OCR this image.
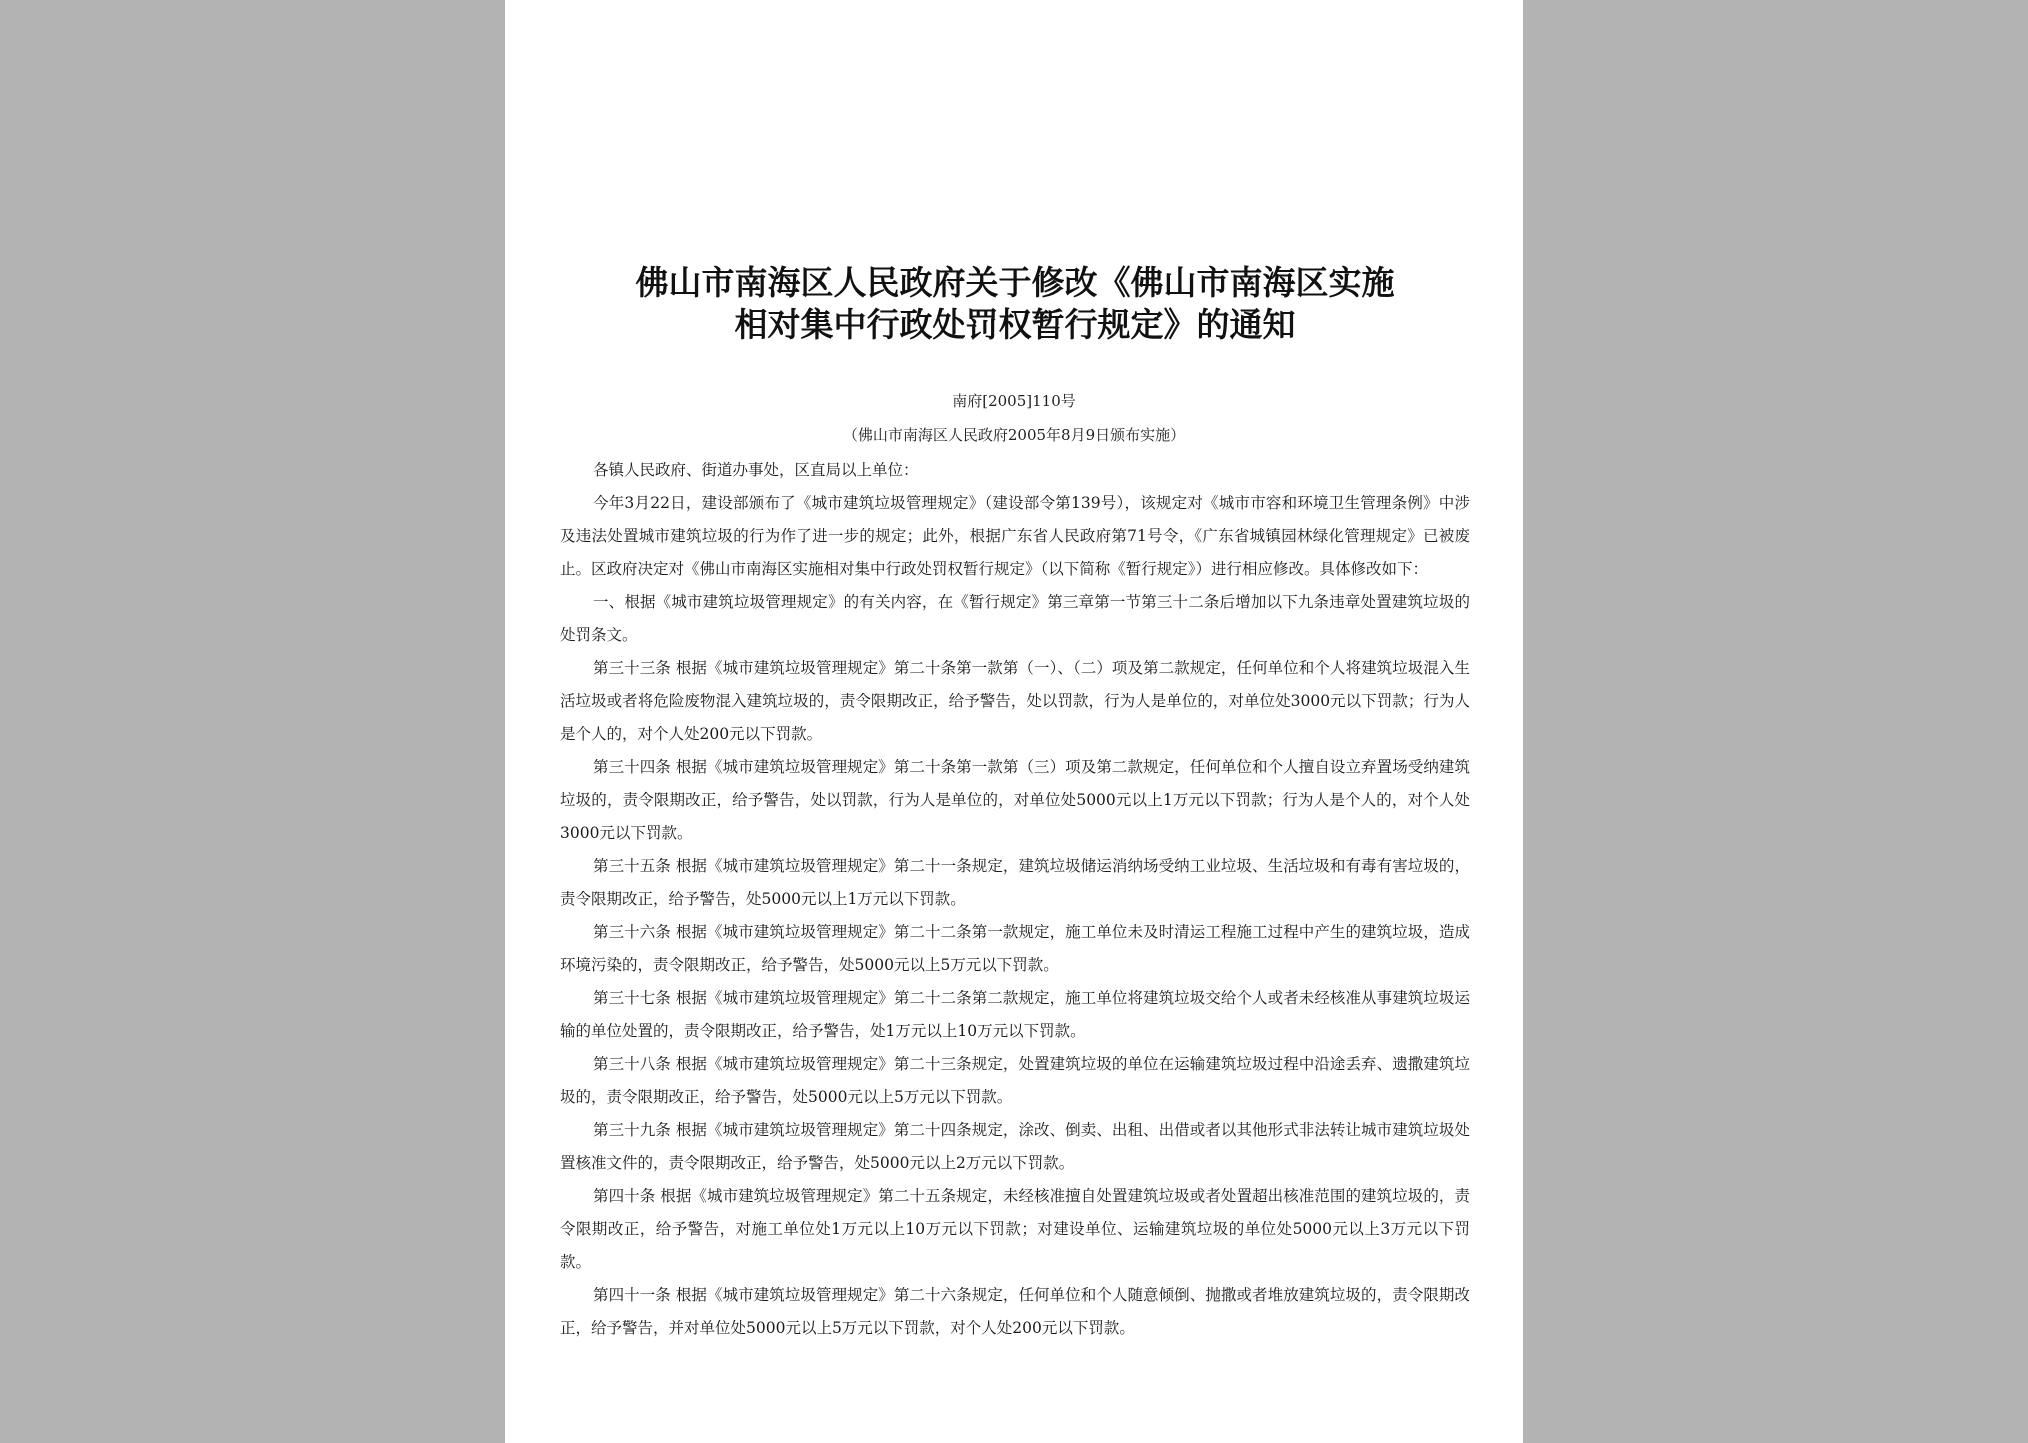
佛山市南海区人民政府关于修改《佛山市南海区实施
相对集中行政处罚权暂行规定》的通知

南府[2005]110号

（佛山市南海区人民政府2005年8月9日颁布实施）

各镇人民政府、街道办事处，区直局以上单位：

今年3月22日，建设部颁布了《城市建筑垃圾管理规定》（建设部令第139号），该规定对《城市市容和环境卫生管理条例》中涉及违法处置城市建筑垃圾的行为作了进一步的规定；此外，根据广东省人民政府第71号令，《广东省城镇园林绿化管理规定》已被废止。区政府决定对《佛山市南海区实施相对集中行政处罚权暂行规定》（以下简称《暂行规定》）进行相应修改。具体修改如下：

一、根据《城市建筑垃圾管理规定》的有关内容，在《暂行规定》第三章第一节第三十二条后增加以下九条违章处置建筑垃圾的处罚条文。

第三十三条 根据《城市建筑垃圾管理规定》第二十条第一款第（一）、（二）项及第二款规定，任何单位和个人将建筑垃圾混入生活垃圾或者将危险废物混入建筑垃圾的，责令限期改正，给予警告，处以罚款，行为人是单位的，对单位处3000元以下罚款；行为人是个人的，对个人处200元以下罚款。

第三十四条 根据《城市建筑垃圾管理规定》第二十条第一款第（三）项及第二款规定，任何单位和个人擅自设立弃置场受纳建筑垃圾的，责令限期改正，给予警告，处以罚款，行为人是单位的，对单位处5000元以上1万元以下罚款；行为人是个人的，对个人处3000元以下罚款。

第三十五条 根据《城市建筑垃圾管理规定》第二十一条规定，建筑垃圾储运消纳场受纳工业垃圾、生活垃圾和有毒有害垃圾的，责令限期改正，给予警告，处5000元以上1万元以下罚款。

第三十六条 根据《城市建筑垃圾管理规定》第二十二条第一款规定，施工单位未及时清运工程施工过程中产生的建筑垃圾，造成环境污染的，责令限期改正，给予警告，处5000元以上5万元以下罚款。

第三十七条 根据《城市建筑垃圾管理规定》第二十二条第二款规定，施工单位将建筑垃圾交给个人或者未经核准从事建筑垃圾运输的单位处置的，责令限期改正，给予警告，处1万元以上10万元以下罚款。

第三十八条 根据《城市建筑垃圾管理规定》第二十三条规定，处置建筑垃圾的单位在运输建筑垃圾过程中沿途丢弃、遗撒建筑垃圾的，责令限期改正，给予警告，处5000元以上5万元以下罚款。

第三十九条 根据《城市建筑垃圾管理规定》第二十四条规定，涂改、倒卖、出租、出借或者以其他形式非法转让城市建筑垃圾处置核准文件的，责令限期改正，给予警告，处5000元以上2万元以下罚款。

第四十条 根据《城市建筑垃圾管理规定》第二十五条规定，未经核准擅自处置建筑垃圾或者处置超出核准范围的建筑垃圾的，责令限期改正，给予警告，对施工单位处1万元以上10万元以下罚款；对建设单位、运输建筑垃圾的单位处5000元以上3万元以下罚款。

第四十一条 根据《城市建筑垃圾管理规定》第二十六条规定，任何单位和个人随意倾倒、抛撒或者堆放建筑垃圾的，责令限期改正，给予警告，并对单位处5000元以上5万元以下罚款，对个人处200元以下罚款。
